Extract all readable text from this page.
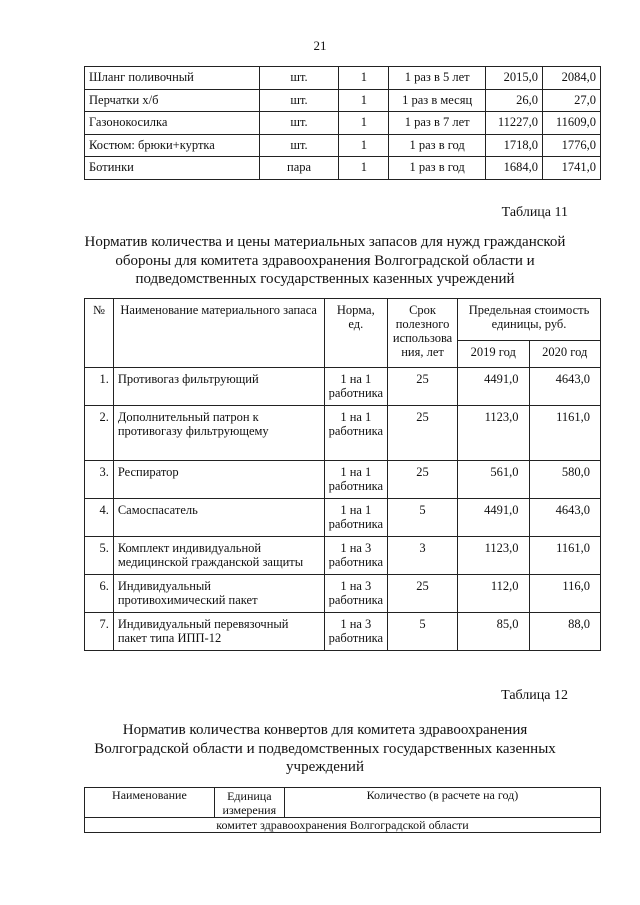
21
Шланг поливочный	шт.	1	1 раз в 5 лет	2015,0	2084,0
Перчатки х/б	шт.	1	1 раз в месяц	26,0	27,0
Газонокосилка	шт.	1	1 раз в 7 лет	11227,0	11609,0
Костюм: брюки+куртка	шт.	1	1 раз в год	1718,0	1776,0
Ботинки	пара	1	1 раз в год	1684,0	1741,0
Таблица 11
Норматив количества и цены материальных запасов для нужд гражданской
обороны для комитета здравоохранения Волгоградской области и
подведомственных государственных казенных учреждений
№	Наименование материального запаса	Норма, ед.	Срок полезного использова ния, лет	Предельная стоимость единицы, руб.	
				2019 год	2020 год
1.	Противогаз фильтрующий	1 на 1 работника	25	4491,0	4643,0
2.	Дополнительный патрон к противогазу фильтрующему	1 на 1 работника	25	1123,0	1161,0
3.	Респиратор	1 на 1 работника	25	561,0	580,0
4.	Самоспасатель	1 на 1 работника	5	4491,0	4643,0
5.	Комплект индивидуальной медицинской гражданской защиты	1 на 3 работника	3	1123,0	1161,0
6.	Индивидуальный противохимический пакет	1 на 3 работника	25	112,0	116,0
7.	Индивидуальный перевязочный пакет типа ИПП-12	1 на 3 работника	5	85,0	88,0
Таблица 12
Норматив количества конвертов для комитета здравоохранения
Волгоградской области и подведомственных государственных казенных
учреждений
Наименование	Единица измерения	Количество (в расчете на год)
комитет здравоохранения Волгоградской области
